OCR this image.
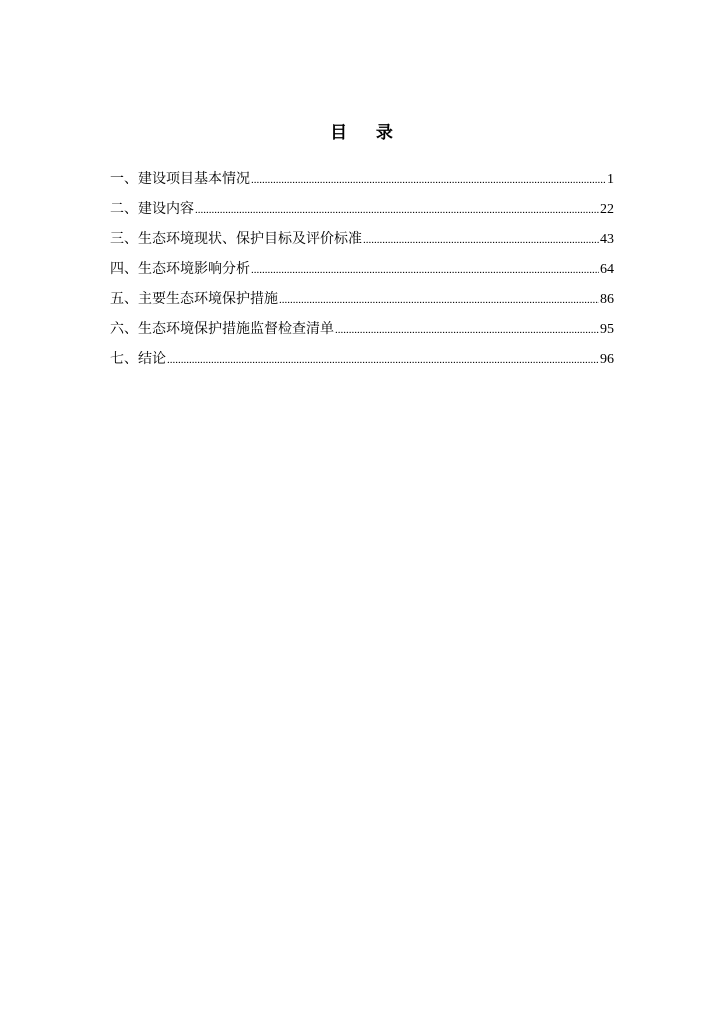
目    录
一、建设项目基本情况 .....	1
二、建设内容 .....	22
三、生态环境现状、保护目标及评价标准 .....	43
四、生态环境影响分析 .....	64
五、主要生态环境保护措施 .....	86
六、生态环境保护措施监督检查清单 .....	95
七、结论 .....	96
